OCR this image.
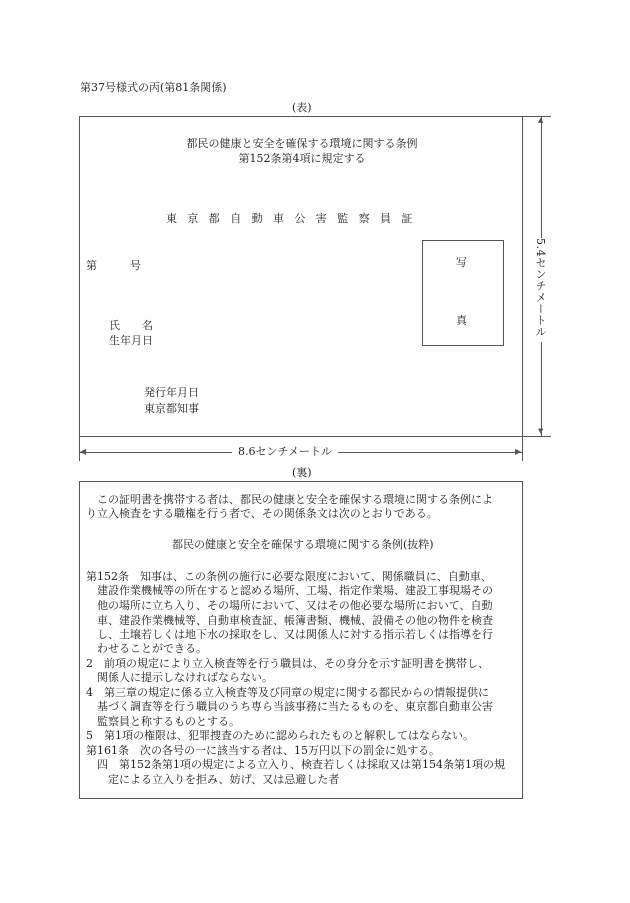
第37号様式の丙(第81条関係)
(表)
都民の健康と安全を確保する環境に関する条例
第152条第4項に規定する
東京都自動車公害監察員証
第	号	写
真
氏　　名
生年月日
発行年月日
東京都知事
▲
▼
5.4センチメートル
◀	▶
8.6センチメートル
(裏)
この証明書を携帯する者は、都民の健康と安全を確保する環境に関する条例によ
り立入検査をする職権を行う者で、その関係条文は次のとおりである。
都民の健康と安全を確保する環境に関する条例(抜粋)
第152条　知事は、この条例の施行に必要な限度において、関係職員に、自動車、
建設作業機械等の所在すると認める場所、工場、指定作業場、建設工事現場その
他の場所に立ち入り、その場所において、又はその他必要な場所において、自動
車、建設作業機械等、自動車検査証、帳簿書類、機械、設備その他の物件を検査
し、土壌若しくは地下水の採取をし、又は関係人に対する指示若しくは指導を行
わせることができる。
2　前項の規定により立入検査等を行う職員は、その身分を示す証明書を携帯し、
関係人に提示しなければならない。
4　第三章の規定に係る立入検査等及び同章の規定に関する都民からの情報提供に
基づく調査等を行う職員のうち専ら当該事務に当たるものを、東京都自動車公害
監察員と称するものとする。
5　第1項の権限は、犯罪捜査のために認められたものと解釈してはならない。
第161条　次の各号の一に該当する者は、15万円以下の罰金に処する。
四　第152条第1項の規定による立入り、検査若しくは採取又は第154条第1項の規
定による立入りを拒み、妨げ、又は忌避した者
